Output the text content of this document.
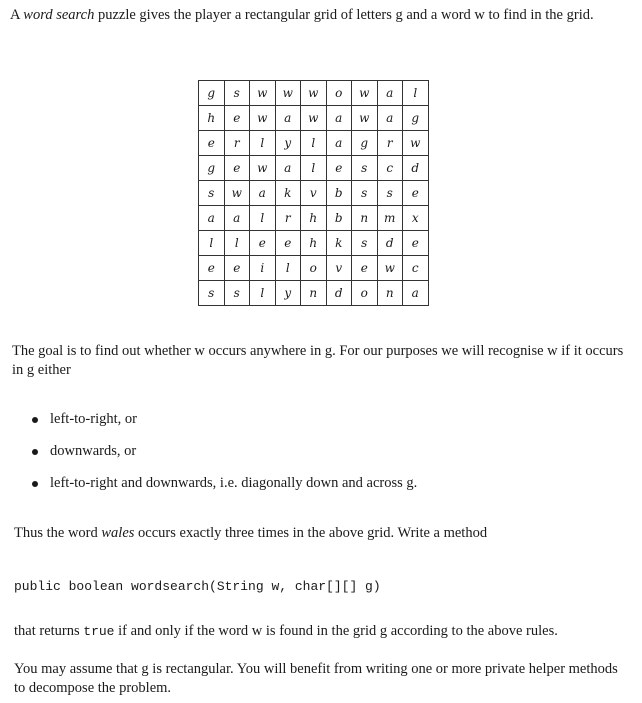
A word search puzzle gives the player a rectangular grid of letters g and a word w to find in the grid.

g	s	w	w	w	o	w	a	l
h	e	w	a	w	a	w	a	g
e	r	l	y	l	a	g	r	w
g	e	w	a	l	e	s	c	d
s	w	a	k	v	b	s	s	e
a	a	l	r	h	b	n	m	x
l	l	e	e	h	k	s	d	e
e	e	i	l	o	v	e	w	c
s	s	l	y	n	d	o	n	a

The goal is to find out whether w occurs anywhere in g. For our purposes we will recognise w if it occurs in g either

left-to-right, or
downwards, or
left-to-right and downwards, i.e. diagonally down and across g.

Thus the word wales occurs exactly three times in the above grid. Write a method

public boolean wordsearch(String w, char[][] g)

that returns true if and only if the word w is found in the grid g according to the above rules.

You may assume that g is rectangular. You will benefit from writing one or more private helper methods to decompose the problem.
